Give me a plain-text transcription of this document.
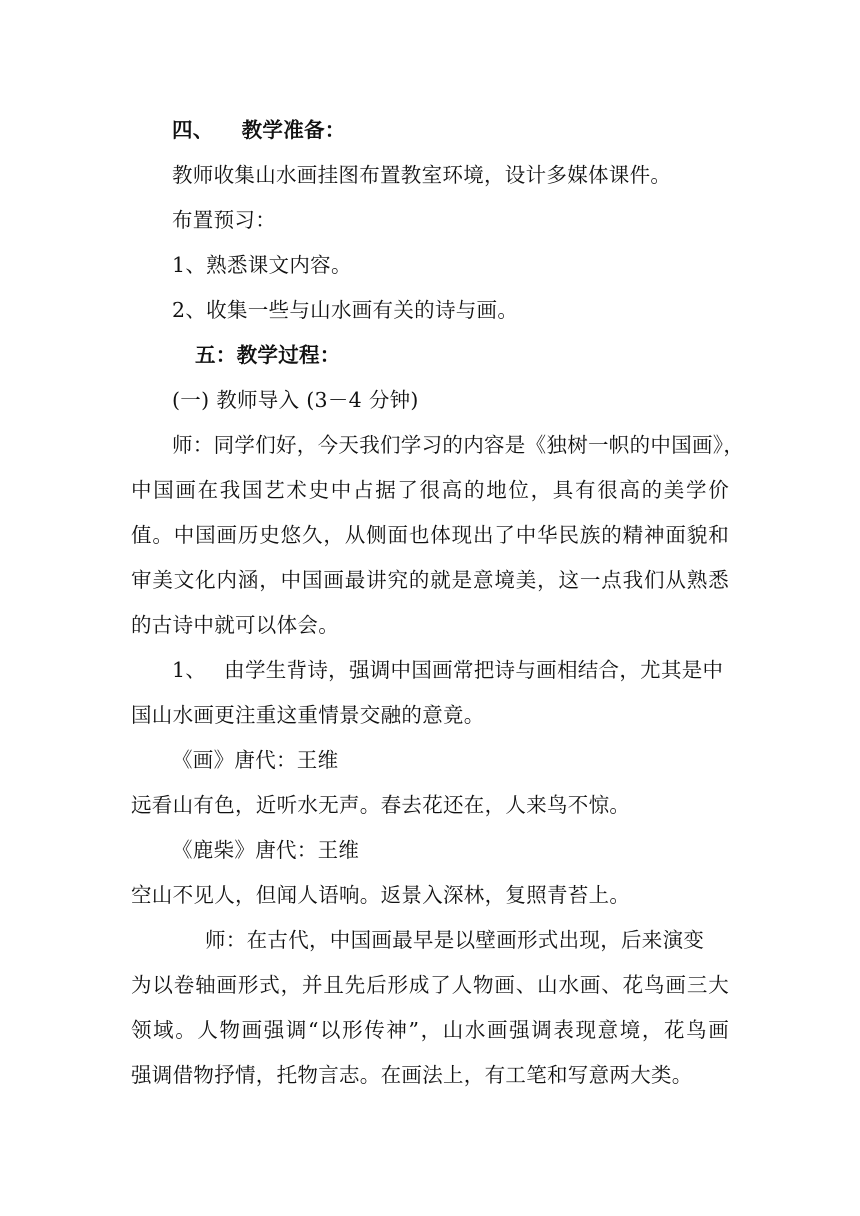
四、 教学准备：
教师收集山水画挂图布置教室环境，设计多媒体课件。
布置预习：
1、熟悉课文内容。
2、收集一些与山水画有关的诗与画。
五：教学过程：
(一) 教师导入 (3－4 分钟)
师：同学们好，今天我们学习的内容是《独树一帜的中国画》，
中国画在我国艺术史中占据了很高的地位，具有很高的美学价
值。中国画历史悠久，从侧面也体现出了中华民族的精神面貌和
审美文化内涵，中国画最讲究的就是意境美，这一点我们从熟悉
的古诗中就可以体会。
1、 由学生背诗，强调中国画常把诗与画相结合，尤其是中
国山水画更注重这重情景交融的意竟。
《画》唐代：王维
远看山有色，近听水无声。春去花还在，人来鸟不惊。
《鹿柴》唐代：王维
空山不见人，但闻人语响。返景入深林，复照青苔上。
师：在古代，中国画最早是以壁画形式出现，后来演变
为以卷轴画形式，并且先后形成了人物画、山水画、花鸟画三大
领域。人物画强调“以形传神”，山水画强调表现意境，花鸟画
强调借物抒情，托物言志。在画法上，有工笔和写意两大类。
